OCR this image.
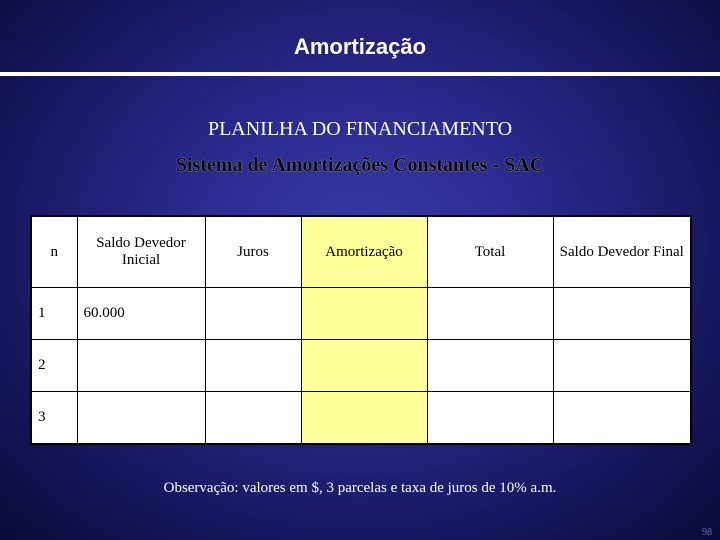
Amortização
PLANILHA DO FINANCIAMENTO
Sistema de Amortizações Constantes - SAC
n	Saldo Devedor Inicial	Juros	Amortização	Total	Saldo Devedor Final
1	60.000				
2					
3					
Observação: valores em $, 3 parcelas e taxa de juros de 10% a.m.
98
